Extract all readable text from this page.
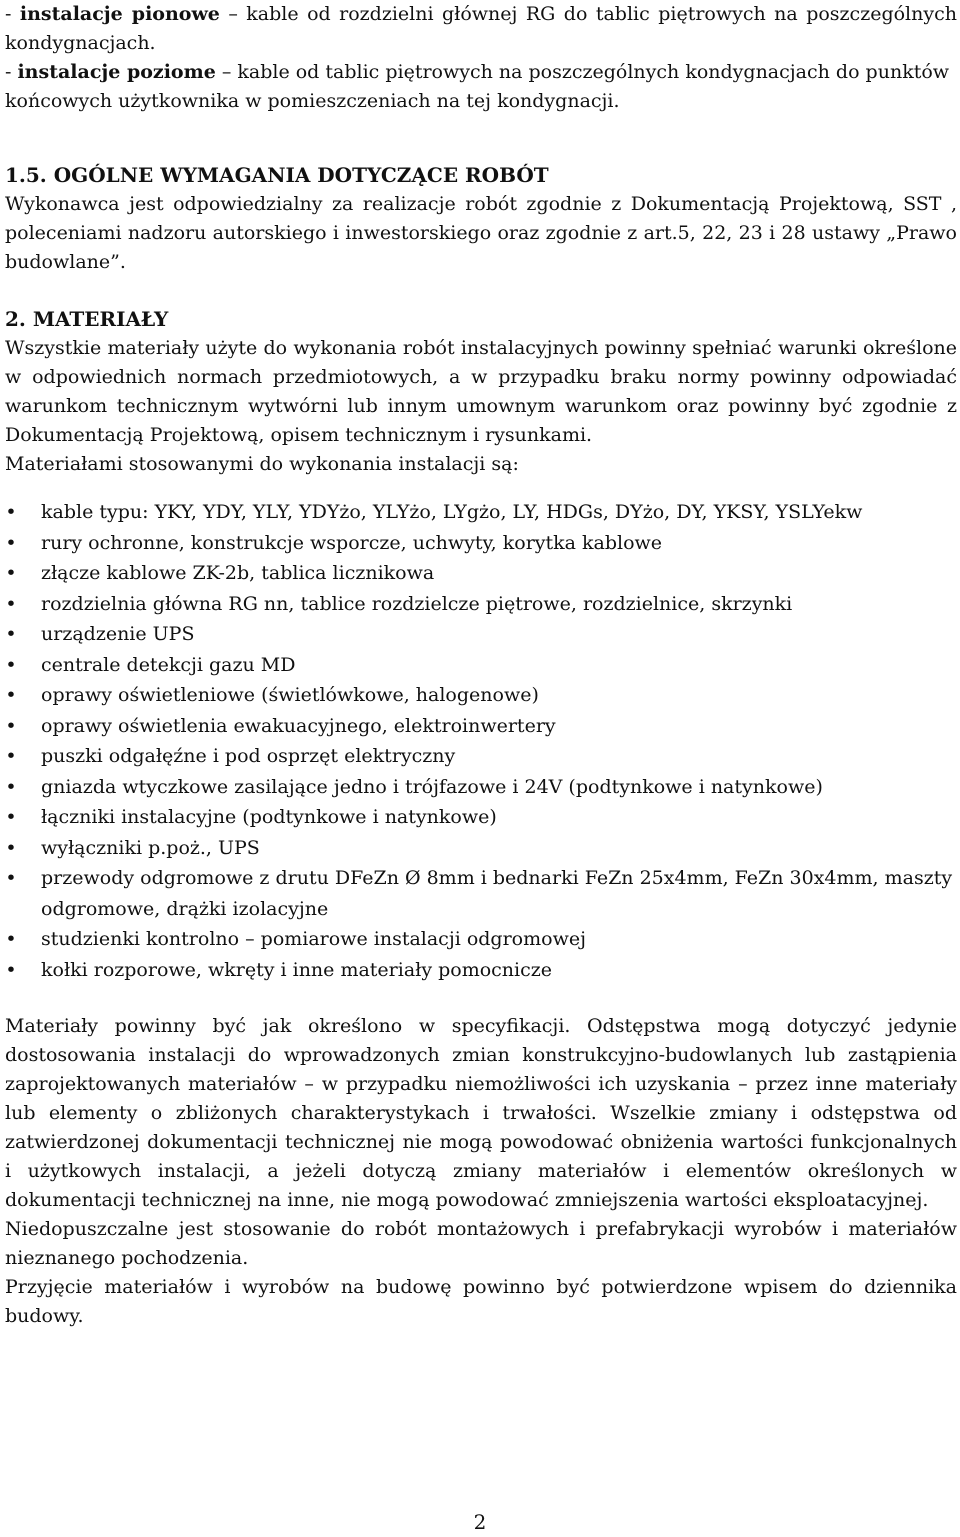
- instalacje pionowe – kable od rozdzielni głównej RG do tablic piętrowych na poszczególnych kondygnacjach.

- instalacje poziome – kable od tablic piętrowych na poszczególnych kondygnacjach do punktów końcowych użytkownika w pomieszczeniach na tej kondygnacji.

1.5. OGÓLNE WYMAGANIA DOTYCZĄCE ROBÓT

Wykonawca jest odpowiedzialny za realizacje robót zgodnie z Dokumentacją Projektową, SST , poleceniami nadzoru autorskiego i inwestorskiego oraz zgodnie z art.5, 22, 23 i 28 ustawy „Prawo budowlane”.

2. MATERIAŁY

Wszystkie materiały użyte do wykonania robót instalacyjnych powinny spełniać warunki określone w odpowiednich normach przedmiotowych, a w przypadku braku normy powinny odpowiadać warunkom technicznym wytwórni lub innym umownym warunkom oraz powinny być zgodnie z Dokumentacją Projektową, opisem technicznym i rysunkami.

Materiałami stosowanymi do wykonania instalacji są:

• kable typu: YKY, YDY, YLY, YDYżo, YLYżo, LYgżo, LY, HDGs, DYżo, DY, YKSY, YSLYekw
• rury ochronne, konstrukcje wsporcze, uchwyty, korytka kablowe
• złącze kablowe ZK-2b, tablica licznikowa
• rozdzielnia główna RG nn, tablice rozdzielcze piętrowe, rozdzielnice, skrzynki
• urządzenie UPS
• centrale detekcji gazu MD
• oprawy oświetleniowe (świetlówkowe, halogenowe)
• oprawy oświetlenia ewakuacyjnego, elektroinwertery
• puszki odgałęźne i pod osprzęt elektryczny
• gniazda wtyczkowe zasilające jedno i trójfazowe i 24V (podtynkowe i natynkowe)
• łączniki instalacyjne (podtynkowe i natynkowe)
• wyłączniki p.poż., UPS
• przewody odgromowe z drutu DFeZn Ø 8mm i bednarki FeZn 25x4mm, FeZn 30x4mm, maszty odgromowe, drążki izolacyjne
• studzienki kontrolno – pomiarowe instalacji odgromowej
• kołki rozporowe, wkręty i inne materiały pomocnicze

Materiały powinny być jak określono w specyfikacji. Odstępstwa mogą dotyczyć jedynie dostosowania instalacji do wprowadzonych zmian konstrukcyjno-budowlanych lub zastąpienia zaprojektowanych materiałów – w przypadku niemożliwości ich uzyskania – przez inne materiały lub elementy o zbliżonych charakterystykach i trwałości. Wszelkie zmiany i odstępstwa od zatwierdzonej dokumentacji technicznej nie mogą powodować obniżenia wartości funkcjonalnych i użytkowych instalacji, a jeżeli dotyczą zmiany materiałów i elementów określonych w dokumentacji technicznej na inne, nie mogą powodować zmniejszenia wartości eksploatacyjnej.

Niedopuszczalne jest stosowanie do robót montażowych i prefabrykacji wyrobów i materiałów nieznanego pochodzenia.

Przyjęcie materiałów i wyrobów na budowę powinno być potwierdzone wpisem do dziennika budowy.

2
